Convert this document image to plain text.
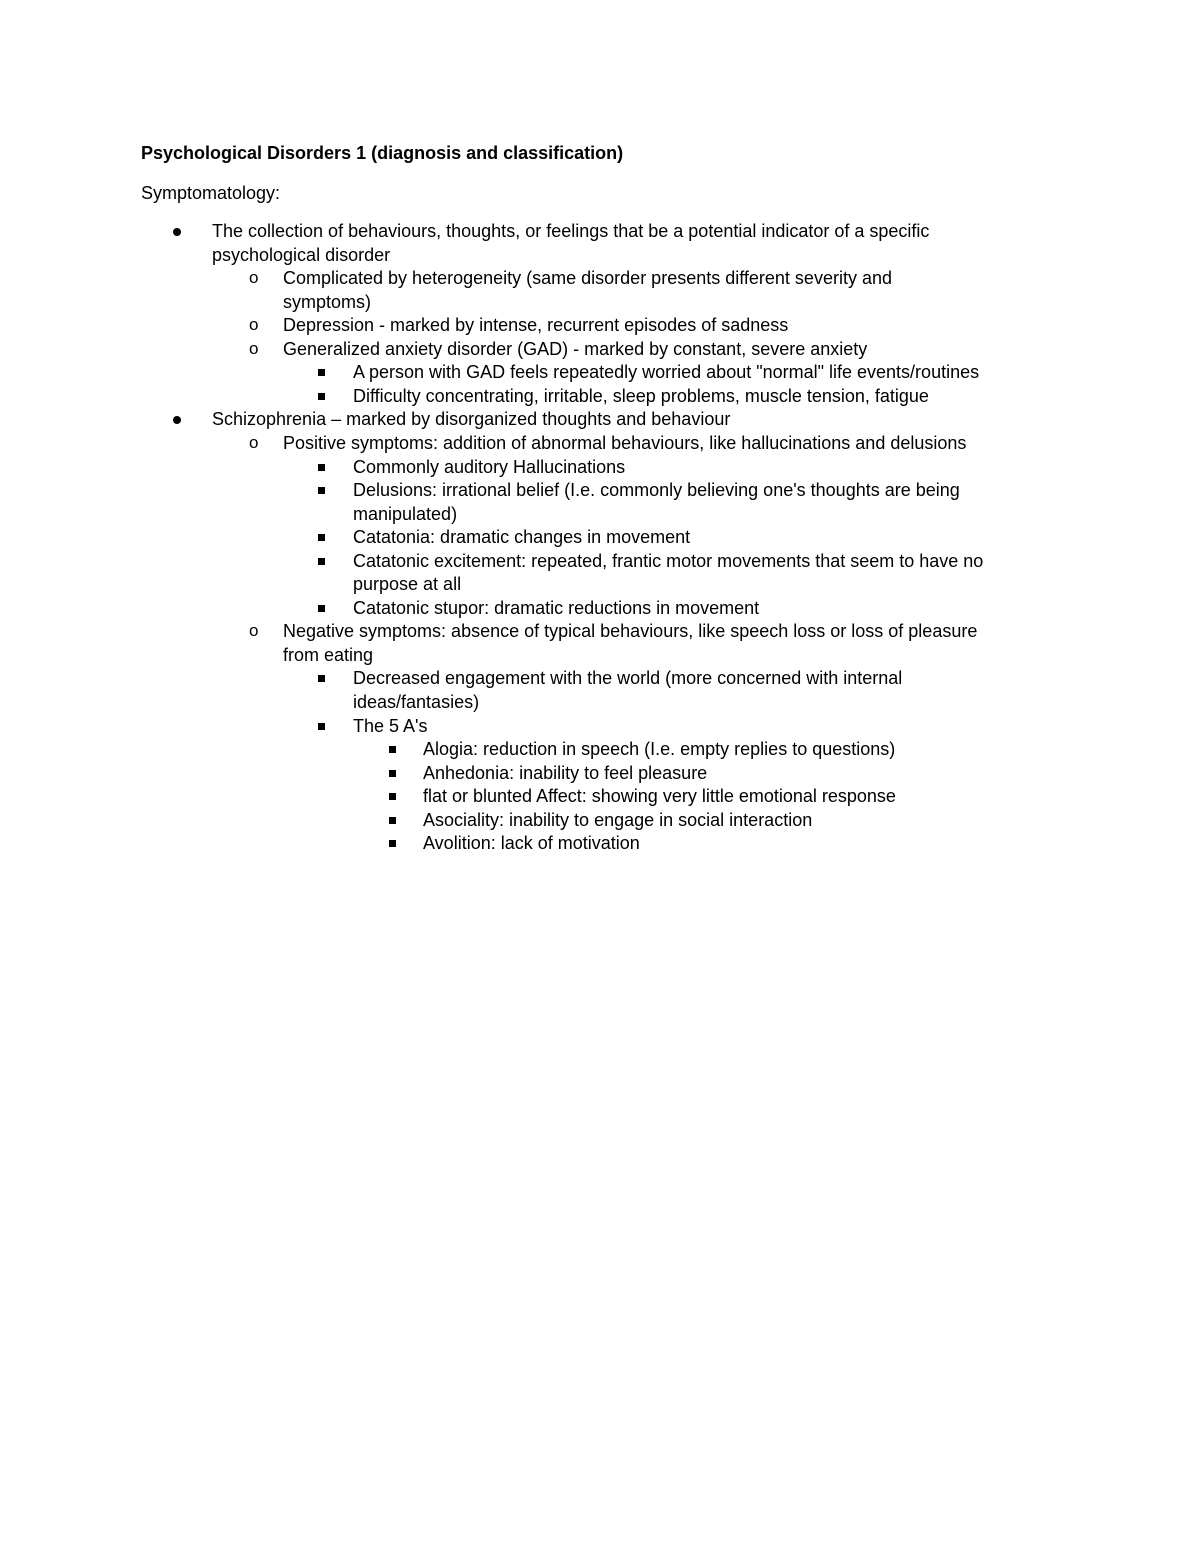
Psychological Disorders 1 (diagnosis and classification)
Symptomatology:
The collection of behaviours, thoughts, or feelings that be a potential indicator of a specific
psychological disorder
o Complicated by heterogeneity (same disorder presents different severity and
symptoms)
o Depression - marked by intense, recurrent episodes of sadness
o Generalized anxiety disorder (GAD) - marked by constant, severe anxiety
A person with GAD feels repeatedly worried about "normal" life events/routines
Difficulty concentrating, irritable, sleep problems, muscle tension, fatigue
Schizophrenia – marked by disorganized thoughts and behaviour
o Positive symptoms: addition of abnormal behaviours, like hallucinations and delusions
Commonly auditory Hallucinations
Delusions: irrational belief (I.e. commonly believing one's thoughts are being
manipulated)
Catatonia: dramatic changes in movement
Catatonic excitement: repeated, frantic motor movements that seem to have no
purpose at all
Catatonic stupor: dramatic reductions in movement
o Negative symptoms: absence of typical behaviours, like speech loss or loss of pleasure
from eating
Decreased engagement with the world (more concerned with internal
ideas/fantasies)
The 5 A's
Alogia: reduction in speech (I.e. empty replies to questions)
Anhedonia: inability to feel pleasure
flat or blunted Affect: showing very little emotional response
Asociality: inability to engage in social interaction
Avolition: lack of motivation
